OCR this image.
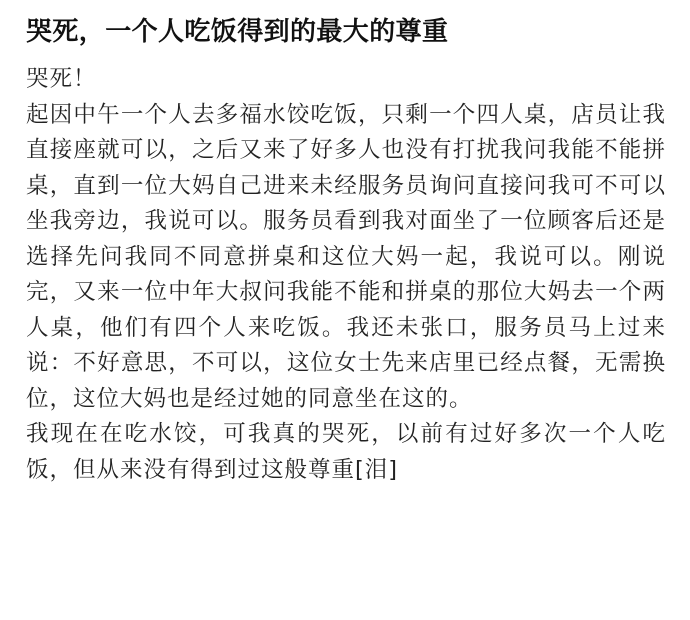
哭死，一个人吃饭得到的最大的尊重

哭死！

起因中午一个人去多福水饺吃饭，只剩一个四人桌，店员让我直接座就可以，之后又来了好多人也没有打扰我问我能不能拼桌，直到一位大妈自己进来未经服务员询问直接问我可不可以坐我旁边，我说可以。服务员看到我对面坐了一位顾客后还是选择先问我同不同意拼桌和这位大妈一起，我说可以。刚说完，又来一位中年大叔问我能不能和拼桌的那位大妈去一个两人桌，他们有四个人来吃饭。我还未张口，服务员马上过来说：不好意思，不可以，这位女士先来店里已经点餐，无需换位，这位大妈也是经过她的同意坐在这的。

我现在在吃水饺，可我真的哭死，以前有过好多次一个人吃饭，但从来没有得到过这般尊重[泪]
